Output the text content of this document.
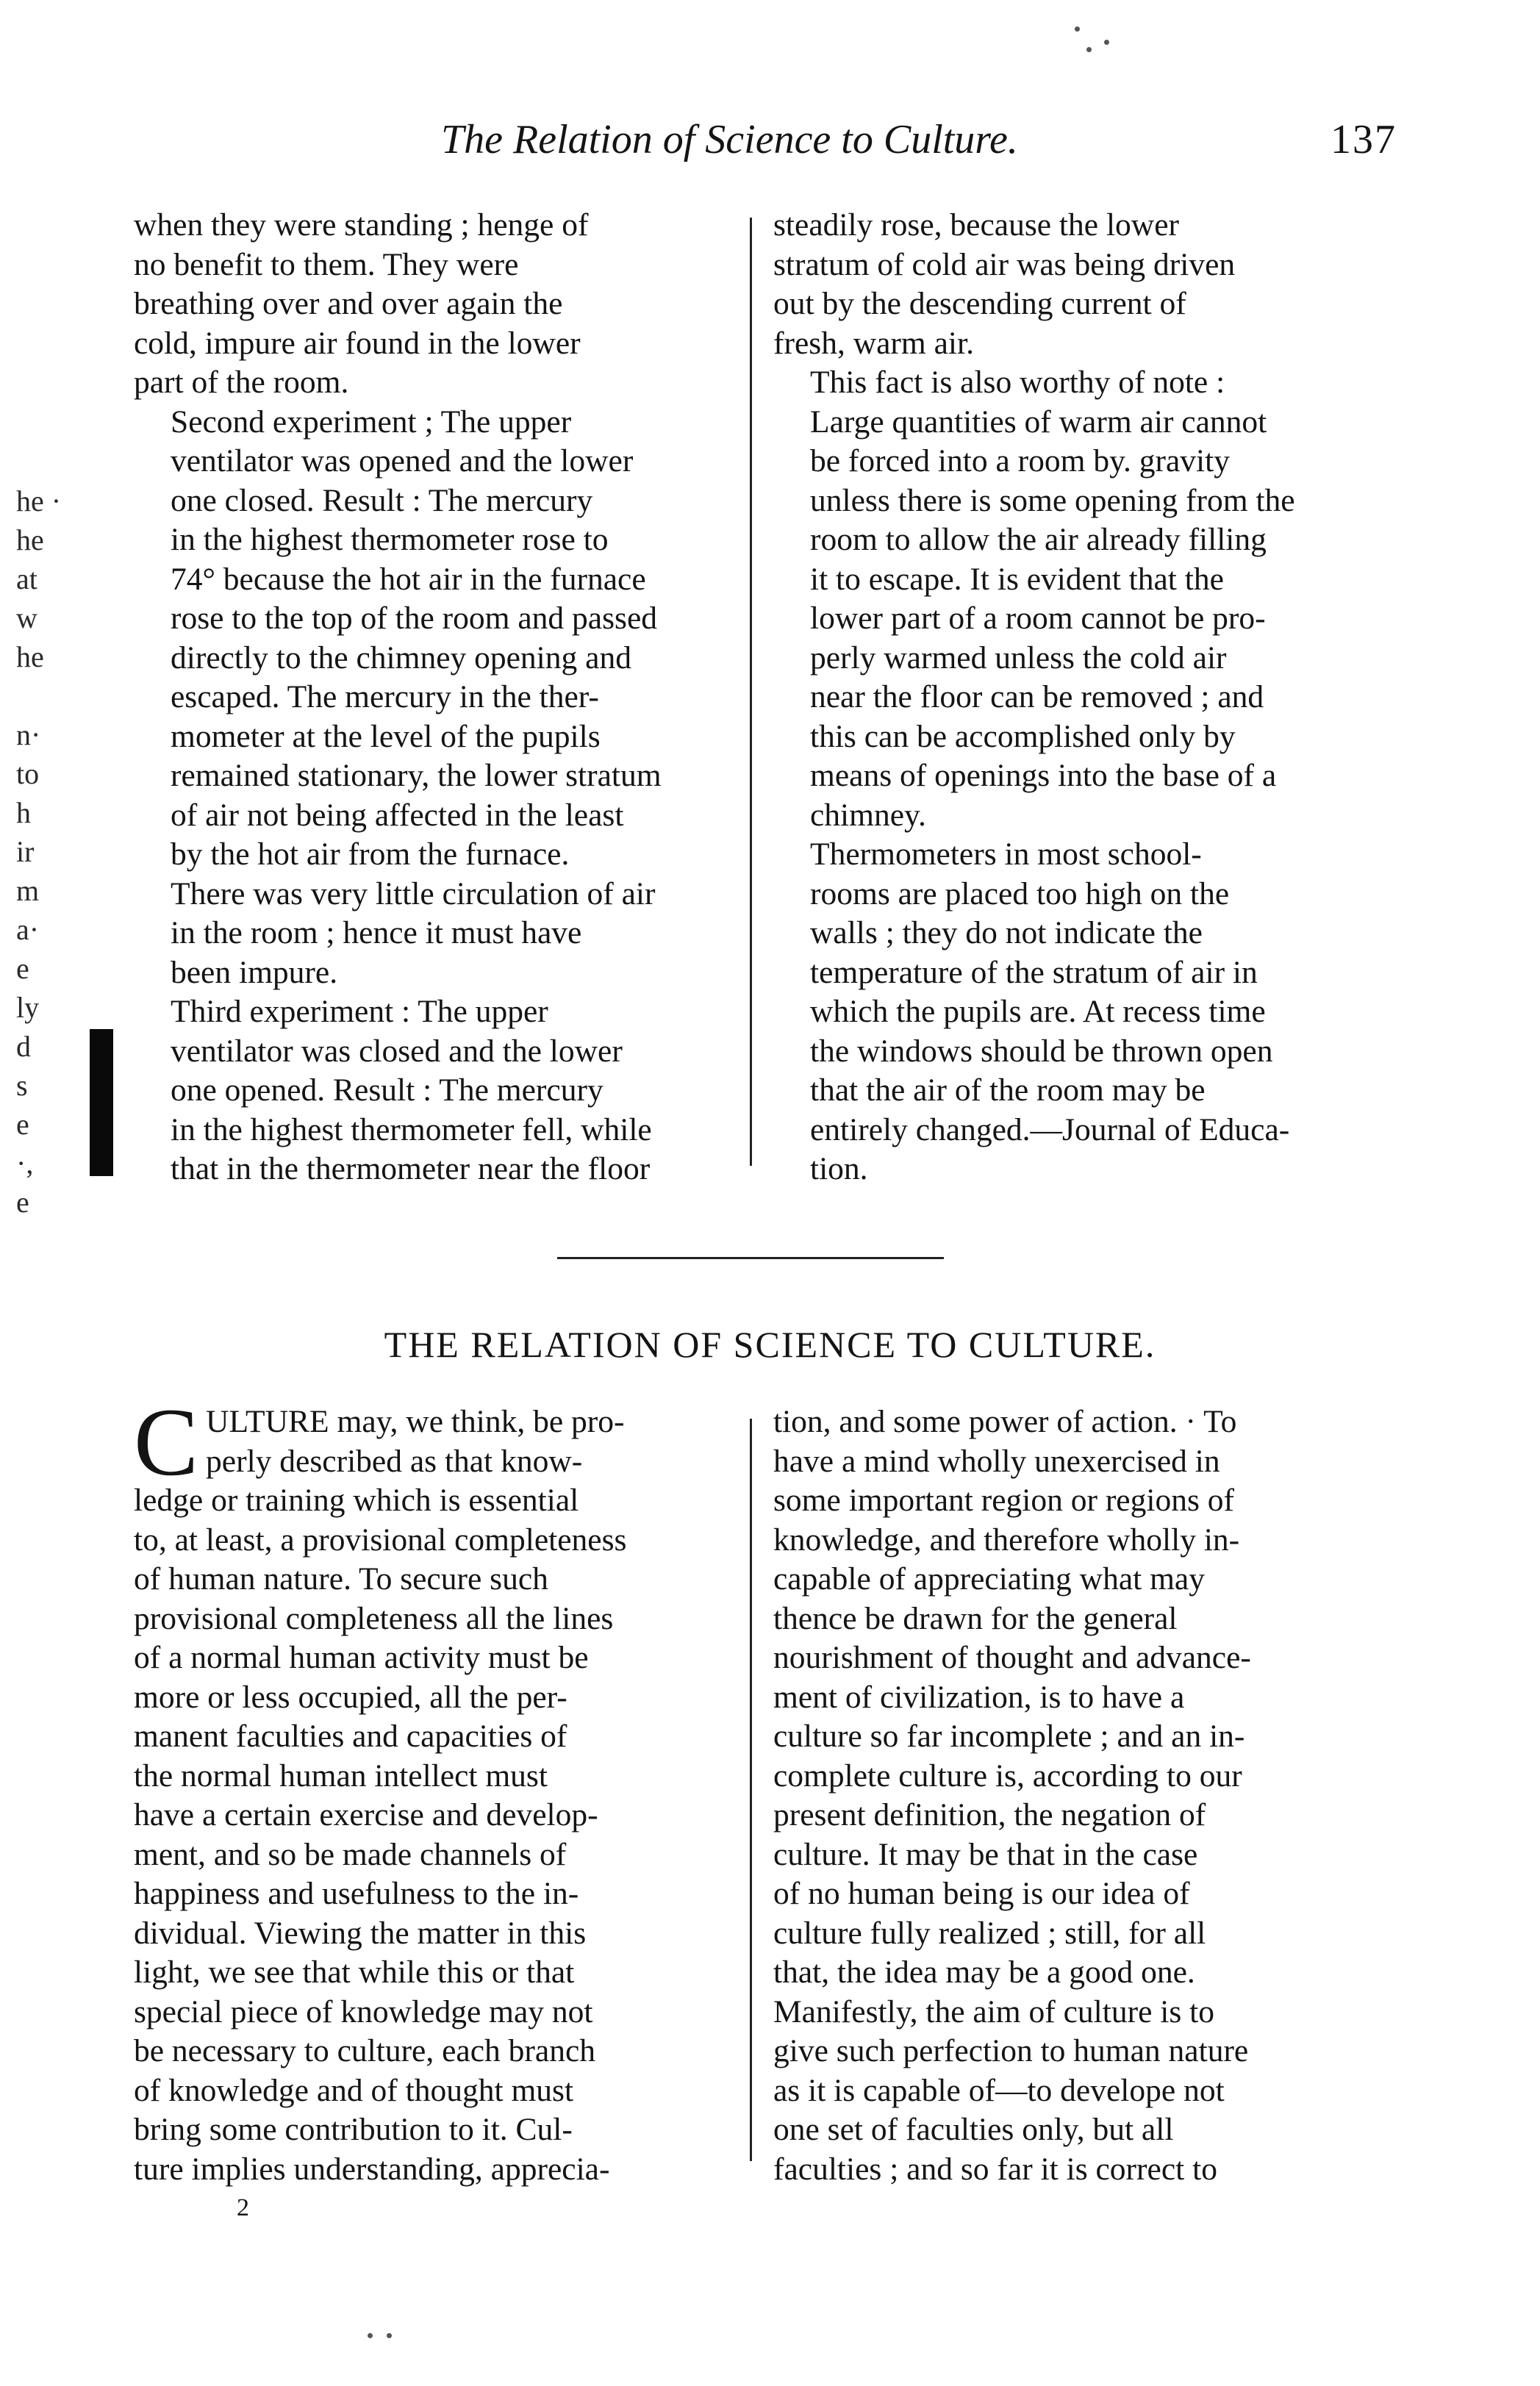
The Relation of Science to Culture.	137
he ·
he
at
w
he

n·
to
h
ir
m
a·
e
ly
d
s
e
·,
e

when they were standing ; henge of
no benefit to them. They were
breathing over and over again the
cold, impure air found in the lower
part of the room.

Second experiment ; The upper
ventilator was opened and the lower
one closed. Result : The mercury
in the highest thermometer rose to
74° because the hot air in the furnace
rose to the top of the room and passed
directly to the chimney opening and
escaped. The mercury in the ther-
mometer at the level of the pupils
remained stationary, the lower stratum
of air not being affected in the least
by the hot air from the furnace.
There was very little circulation of air
in the room ; hence it must have
been impure.

Third experiment : The upper
ventilator was closed and the lower
one opened. Result : The mercury
in the highest thermometer fell, while
that in the thermometer near the floor

steadily rose, because the lower
stratum of cold air was being driven
out by the descending current of
fresh, warm air.

This fact is also worthy of note :
Large quantities of warm air cannot
be forced into a room by. gravity
unless there is some opening from the
room to allow the air already filling
it to escape. It is evident that the
lower part of a room cannot be pro-
perly warmed unless the cold air
near the floor can be removed ; and
this can be accomplished only by
means of openings into the base of a
chimney.

Thermometers in most school-
rooms are placed too high on the
walls ; they do not indicate the
temperature of the stratum of air in
which the pupils are. At recess time
the windows should be thrown open
that the air of the room may be
entirely changed.—Journal of Educa-
tion.

THE RELATION OF SCIENCE TO CULTURE.
C ULTURE may, we think, be pro-
perly described as that know-
ledge or training which is essential
to, at least, a provisional completeness
of human nature. To secure such
provisional completeness all the lines
of a normal human activity must be
more or less occupied, all the per-
manent faculties and capacities of
the normal human intellect must
have a certain exercise and develop-
ment, and so be made channels of
happiness and usefulness to the in-
dividual. Viewing the matter in this
light, we see that while this or that
special piece of knowledge may not
be necessary to culture, each branch
of knowledge and of thought must
bring some contribution to it. Cul-
ture implies understanding, apprecia-
tion, and some power of action. · To
have a mind wholly unexercised in
some important region or regions of
knowledge, and therefore wholly in-
capable of appreciating what may
thence be drawn for the general
nourishment of thought and advance-
ment of civilization, is to have a
culture so far incomplete ; and an in-
complete culture is, according to our
present definition, the negation of
culture. It may be that in the case
of no human being is our idea of
culture fully realized ; still, for all
that, the idea may be a good one.
Manifestly, the aim of culture is to
give such perfection to human nature
as it is capable of—to develope not
one set of faculties only, but all
faculties ; and so far it is correct to
2
